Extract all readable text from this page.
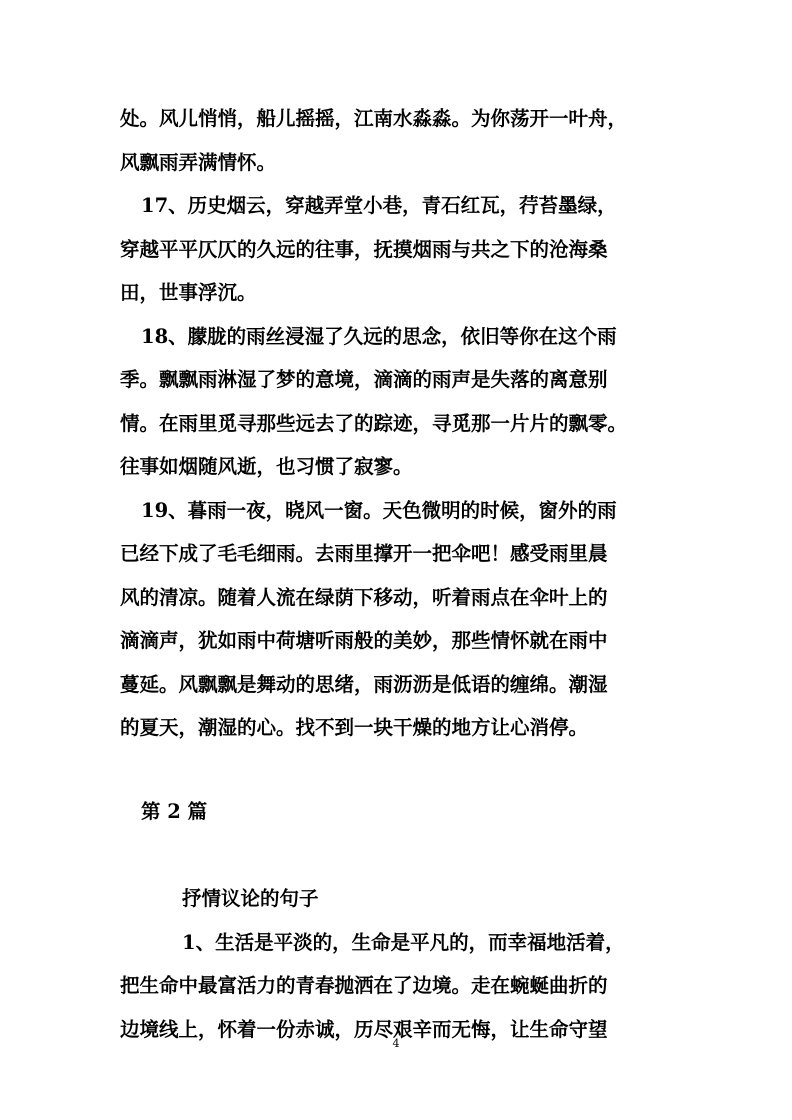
处。风儿悄悄，船儿摇摇，江南水淼淼。为你荡开一叶舟，
风飘雨弄满情怀。
17、历史烟云，穿越弄堂小巷，青石红瓦，荇苔墨绿，
穿越平平仄仄的久远的往事，抚摸烟雨与共之下的沧海桑
田，世事浮沉。
18、朦胧的雨丝浸湿了久远的思念，依旧等你在这个雨
季。飘飘雨淋湿了梦的意境，滴滴的雨声是失落的离意别
情。在雨里觅寻那些远去了的踪迹，寻觅那一片片的飘零。
往事如烟随风逝，也习惯了寂寥。
19、暮雨一夜，晓风一窗。天色微明的时候，窗外的雨
已经下成了毛毛细雨。去雨里撑开一把伞吧！感受雨里晨
风的清凉。随着人流在绿荫下移动，听着雨点在伞叶上的
滴滴声，犹如雨中荷塘听雨般的美妙，那些情怀就在雨中
蔓延。风飘飘是舞动的思绪，雨沥沥是低语的缠绵。潮湿
的夏天，潮湿的心。找不到一块干燥的地方让心消停。
第 2 篇
抒情议论的句子
1、生活是平淡的，生命是平凡的，而幸福地活着，
把生命中最富活力的青春抛洒在了边境。走在蜿蜒曲折的
边境线上，怀着一份赤诚，历尽艰辛而无悔，让生命守望
4
